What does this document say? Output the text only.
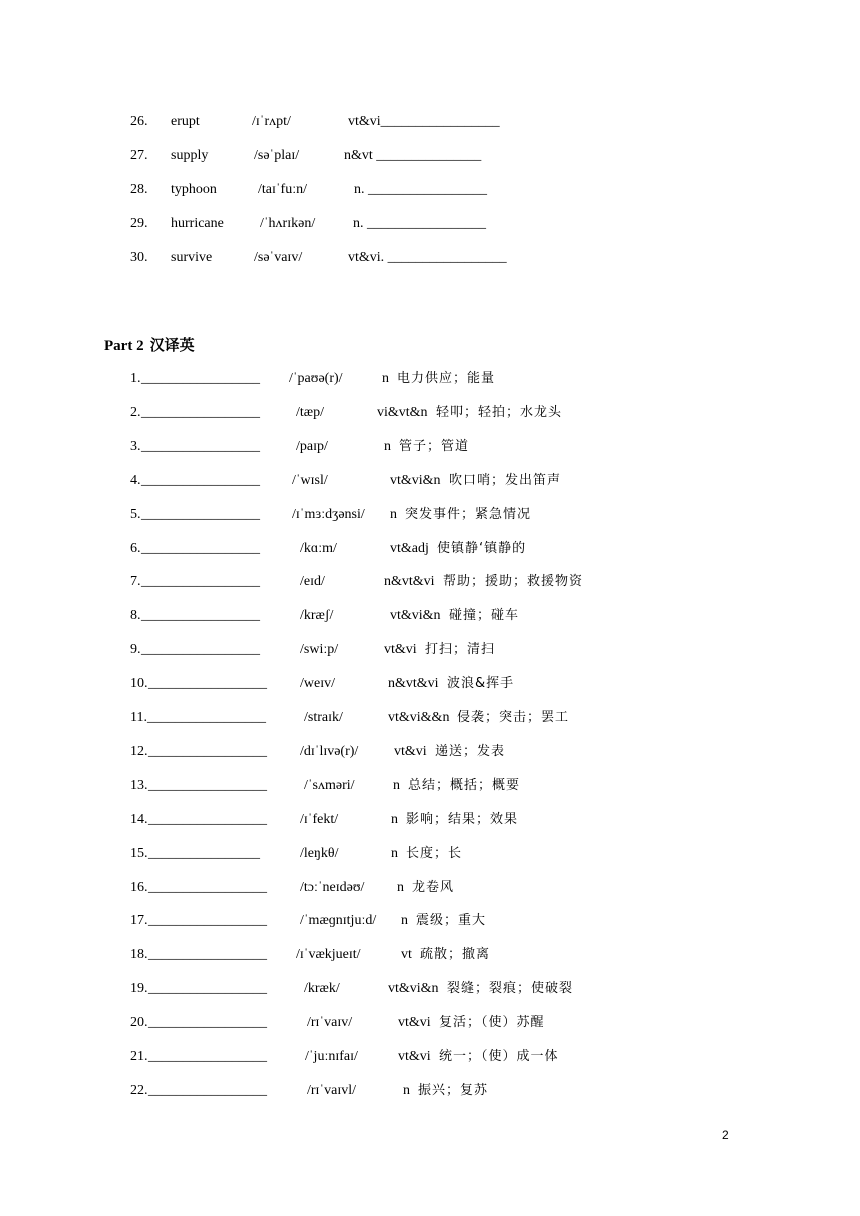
26. erupt	/ɪˈrʌpt/	vt&vi_________________
27. supply	/səˈplaɪ/	n&vt _______________
28. typhoon	/taɪˈfuːn/	n. _________________
29. hurricane	/ˈhʌrɪkən/	n. _________________
30. survive	/səˈvaɪv/	vt&vi. _________________
Part 2 汉译英
1. _________________ /ˈpaʊə(r)/	n 电力供应；能量
2. _________________	/tæp/	vi&vt&n 轻叩；轻拍；水龙头
3. _________________	/paɪp/	n 管子；管道
4. _________________ /ˈwɪsl/	vt&vi&n 吹口哨；发出笛声
5. _________________ /ɪˈmɜːdʒənsi/ n 突发事件；紧急情况
6. _________________	/kɑːm/	vt&adj 使镇静‘镇静的
7. _________________	/eɪd/	n&vt&vi 帮助；援助；救援物资
8. _________________	/kræʃ/	vt&vi&n 碰撞；碰车
9. _________________	/swiːp/	vt&vi 打扫；清扫
10. _________________ /weɪv/	n&vt&vi 波浪&挥手
11. _________________	/straɪk/	vt&vi&&n 侵袭；突击；罢工
12. _________________ /dɪˈlɪvə(r)/	vt&vi 递送；发表
13. _________________	/ˈsʌməri/	n 总结；概括；概要
14. _________________ /ɪˈfekt/	n 影响；结果；效果
15. ________________	/leŋkθ/	n 长度；长
16. _________________ /tɔːˈneɪdəʊ/ n 龙卷风
17. _________________ /ˈmæɡnɪtjuːd/ n 震级；重大
18. _________________ /ɪˈvækjueɪt/	vt 疏散；撤离
19. _________________	/kræk/	vt&vi&n 裂缝；裂痕；使破裂
20. _________________	/rɪˈvaɪv/	vt&vi 复活；（使）苏醒
21. _________________	/ˈjuːnɪfaɪ/	vt&vi 统一；（使）成一体
22. _________________	/rɪˈvaɪvl/	n 振兴；复苏
2
